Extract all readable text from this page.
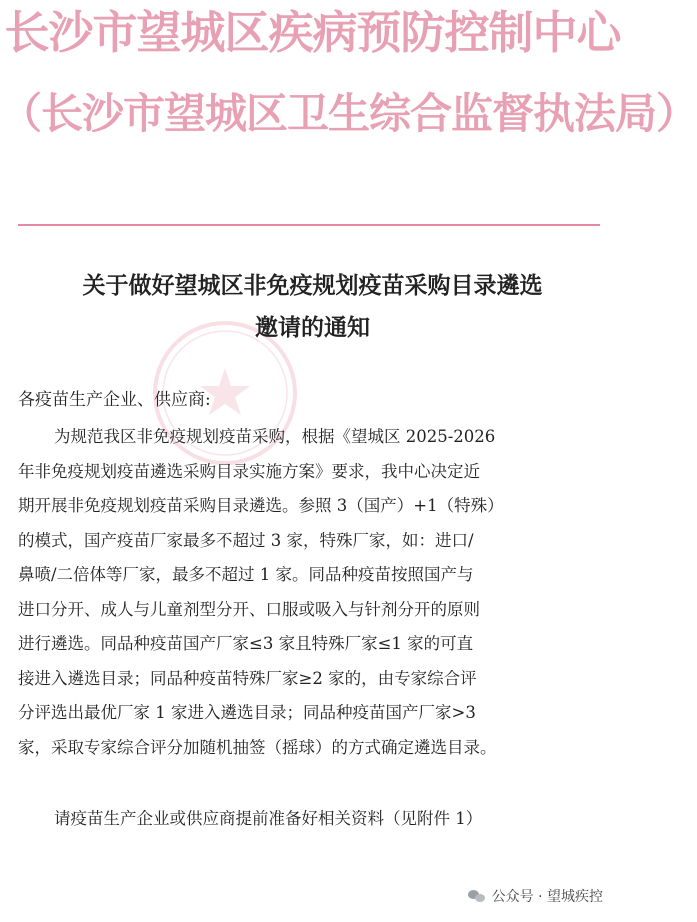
长沙市望城区疾病预防控制中心
（长沙市望城区卫生综合监督执法局）
关于做好望城区非免疫规划疫苗采购目录遴选
邀请的通知
各疫苗生产企业、供应商:
为规范我区非免疫规划疫苗采购，根据《望城区 2025-2026
年非免疫规划疫苗遴选采购目录实施方案》要求，我中心决定近
期开展非免疫规划疫苗采购目录遴选。参照 3（国产）+1（特殊）
的模式，国产疫苗厂家最多不超过 3 家，特殊厂家，如：进口/
鼻喷/二倍体等厂家，最多不超过 1 家。同品种疫苗按照国产与
进口分开、成人与儿童剂型分开、口服或吸入与针剂分开的原则
进行遴选。同品种疫苗国产厂家≤3 家且特殊厂家≤1 家的可直
接进入遴选目录；同品种疫苗特殊厂家≥2 家的，由专家综合评
分评选出最优厂家 1 家进入遴选目录；同品种疫苗国产厂家>3
家，采取专家综合评分加随机抽签（摇球）的方式确定遴选目录。
请疫苗生产企业或供应商提前准备好相关资料（见附件 1）
公众号 · 望城疾控
